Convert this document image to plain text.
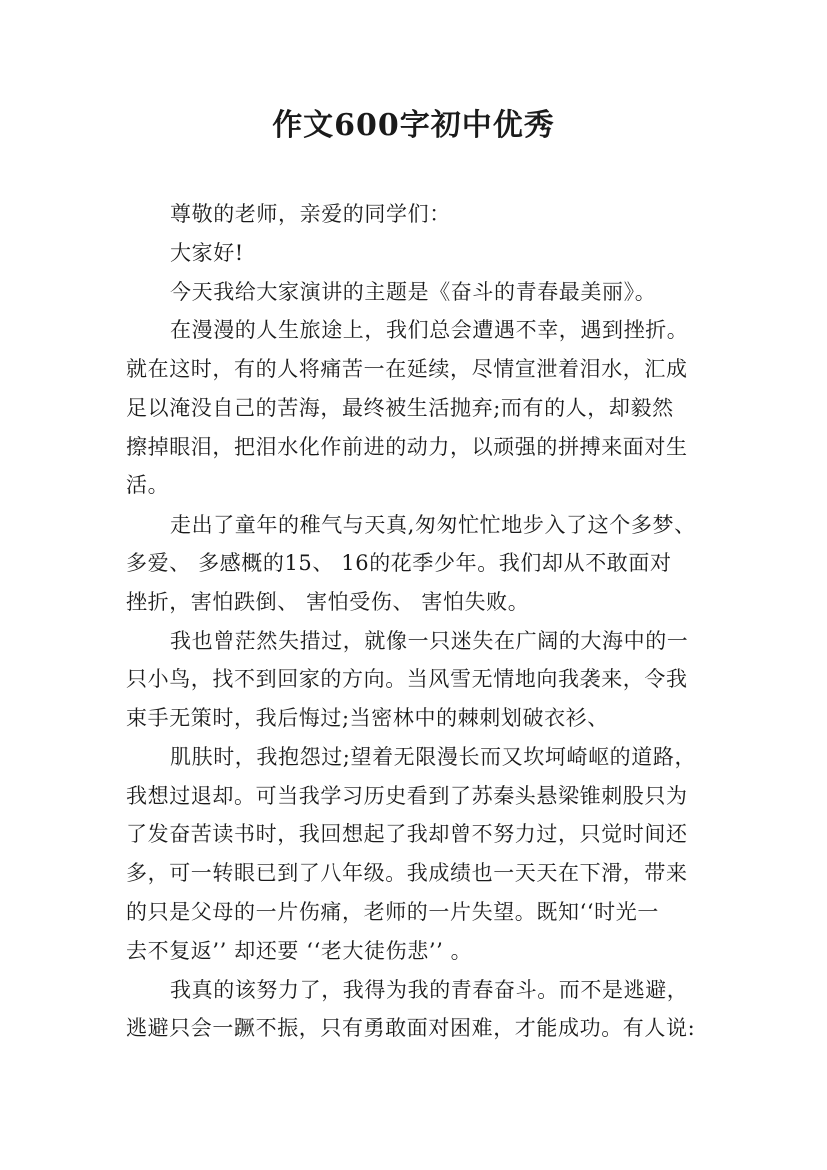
作文600字初中优秀
尊敬的老师，亲爱的同学们：
大家好!
今天我给大家演讲的主题是《奋斗的青春最美丽》。
在漫漫的人生旅途上，我们总会遭遇不幸，遇到挫折。
就在这时，有的人将痛苦一在延续，尽情宣泄着泪水，汇成
足以淹没自己的苦海，最终被生活抛弃;而有的人，却毅然
擦掉眼泪，把泪水化作前进的动力，以顽强的拼搏来面对生
活。
走出了童年的稚气与天真,匆匆忙忙地步入了这个多梦、
多爱、 多感概的15、 16的花季少年。我们却从不敢面对
挫折，害怕跌倒、 害怕受伤、 害怕失败。
我也曾茫然失措过，就像一只迷失在广阔的大海中的一
只小鸟，找不到回家的方向。当风雪无情地向我袭来，令我
束手无策时，我后悔过;当密林中的棘刺划破衣衫、
肌肤时，我抱怨过;望着无限漫长而又坎坷崎岖的道路，
我想过退却。可当我学习历史看到了苏秦头悬梁锥刺股只为
了发奋苦读书时，我回想起了我却曾不努力过，只觉时间还
多，可一转眼已到了八年级。我成绩也一天天在下滑，带来
的只是父母的一片伤痛，老师的一片失望。既知‘‘时光一
去不复返’’ 却还要 ‘‘老大徒伤悲’’ 。
我真的该努力了，我得为我的青春奋斗。而不是逃避，
逃避只会一蹶不振，只有勇敢面对困难，才能成功。有人说:
